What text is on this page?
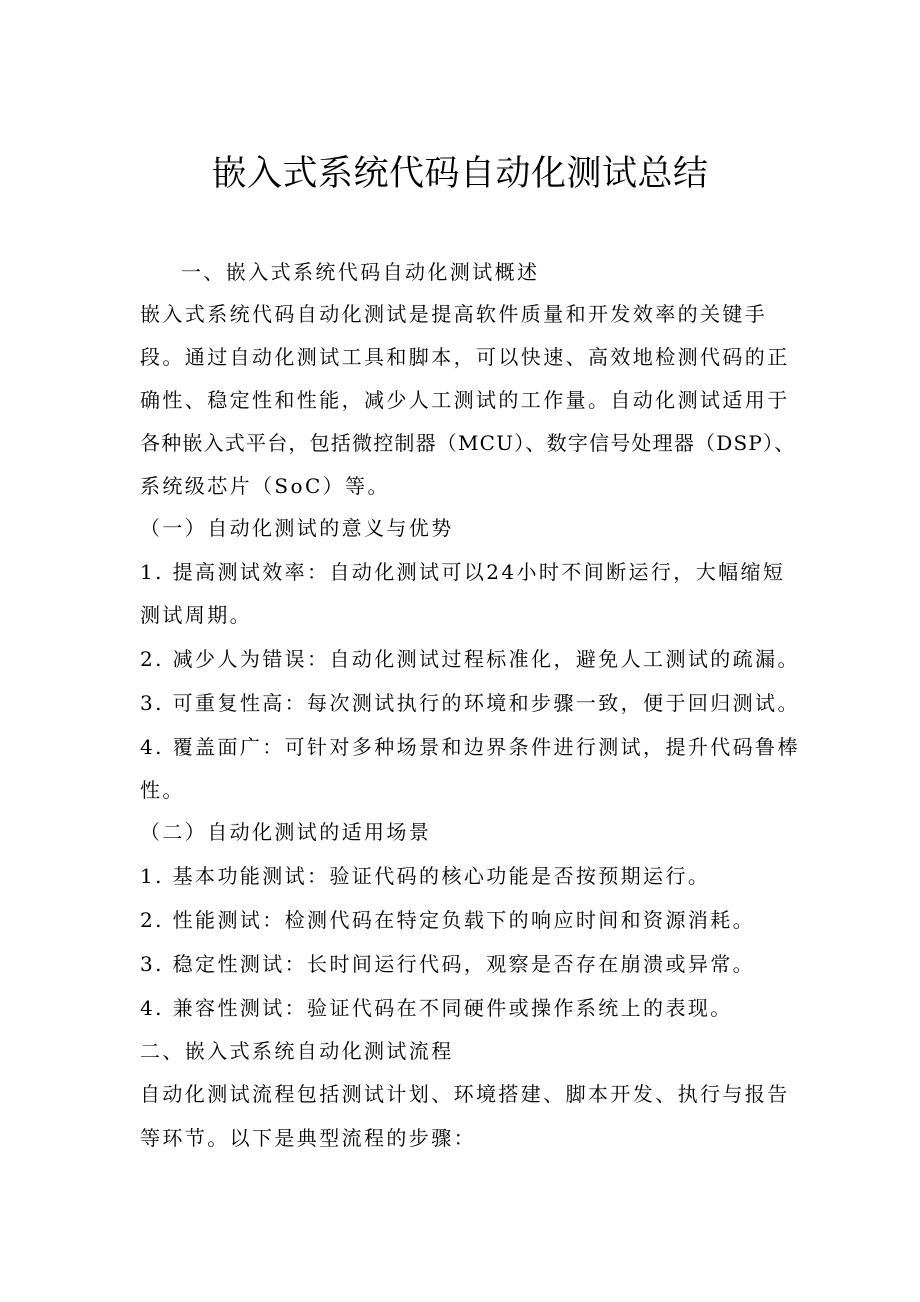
嵌入式系统代码自动化测试总结
一、嵌入式系统代码自动化测试概述
嵌入式系统代码自动化测试是提高软件质量和开发效率的关键手
段。通过自动化测试工具和脚本，可以快速、高效地检测代码的正
确性、稳定性和性能，减少人工测试的工作量。自动化测试适用于
各种嵌入式平台，包括微控制器（MCU）、数字信号处理器（DSP）、
系统级芯片（SoC）等。
（一）自动化测试的意义与优势
1. 提高测试效率：自动化测试可以24小时不间断运行，大幅缩短
测试周期。
2. 减少人为错误：自动化测试过程标准化，避免人工测试的疏漏。
3. 可重复性高：每次测试执行的环境和步骤一致，便于回归测试。
4. 覆盖面广：可针对多种场景和边界条件进行测试，提升代码鲁棒
性。
（二）自动化测试的适用场景
1. 基本功能测试：验证代码的核心功能是否按预期运行。
2. 性能测试：检测代码在特定负载下的响应时间和资源消耗。
3. 稳定性测试：长时间运行代码，观察是否存在崩溃或异常。
4. 兼容性测试：验证代码在不同硬件或操作系统上的表现。
二、嵌入式系统自动化测试流程
自动化测试流程包括测试计划、环境搭建、脚本开发、执行与报告
等环节。以下是典型流程的步骤：
